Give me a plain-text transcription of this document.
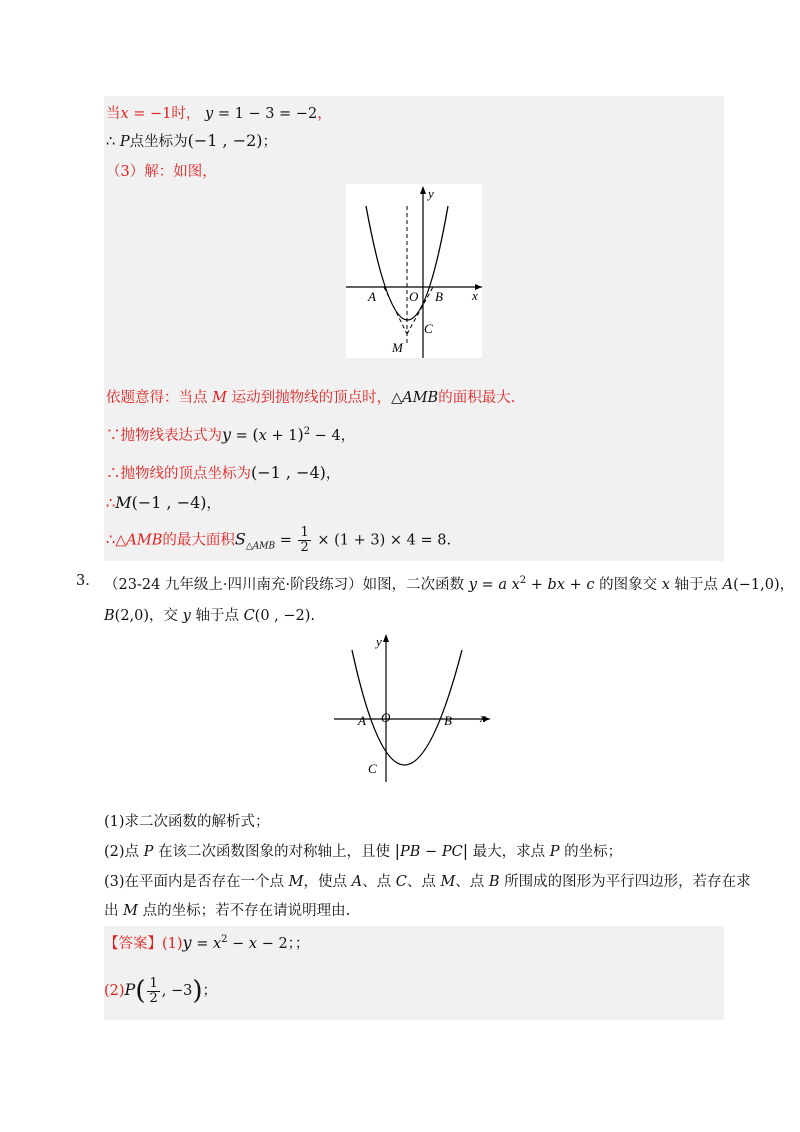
当x = −1时， y = 1 − 3 = −2，
∴ P点坐标为(−1 , −2)；
（3）解：如图，
A	O B
C
M
x
y
依题意得：当点 M 运动到抛物线的顶点时，△AMB的面积最大.
∵抛物线表达式为$y = (x + 1)^2 - 4$，
∴抛物线的顶点坐标为(−1 , −4)，
∴M(−1 , −4)，
∴△AMB的最大面积$S_{\triangle AMB} = \frac{1}{2} \times (1 + 3) \times 4 = 8$.
3. （23-24 九年级上·四川南充·阶段练习）如图，二次函数 y = a $x^2$ + bx + c 的图象交 x 轴于点 A(−1,0)，
B(2,0)，交 y 轴于点 C(0 , −2).
A O	B
C
x
y
(1)求二次函数的解析式；
(2)点 P 在该二次函数图象的对称轴上，且使 |PB − PC| 最大，求点 P 的坐标；
(3)在平面内是否存在一个点 M，使点 A、点 C、点 M、点 B 所围成的图形为平行四边形，若存在求
出 M 点的坐标；若不存在请说明理由.
【答案】$(1)y = x^2 - x - 2$；；
$(2)P( \frac{1}{2}$ , −3)；
